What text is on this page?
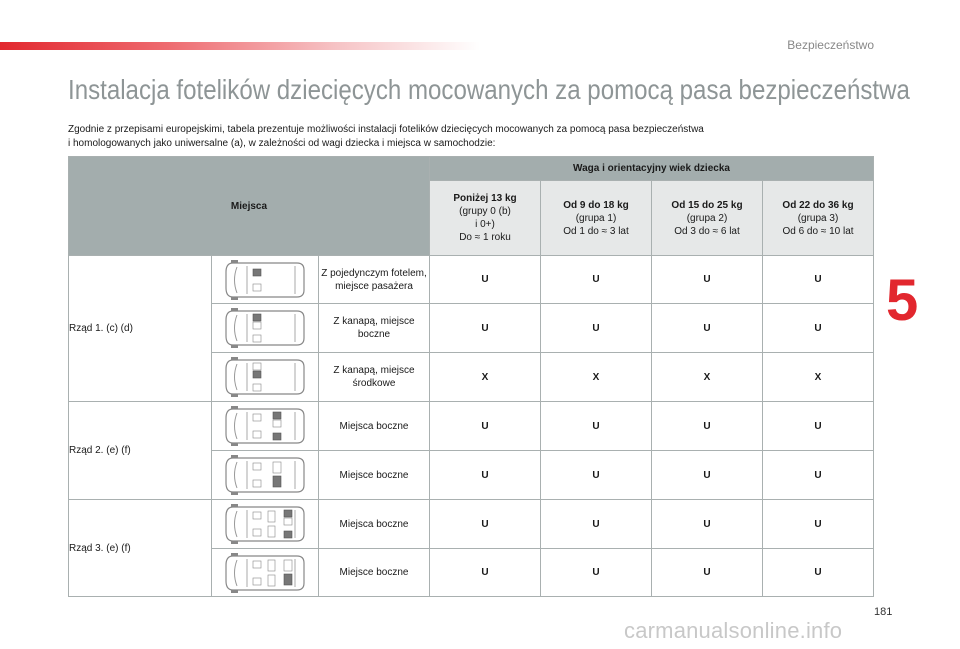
Bezpieczeństwo
5
Instalacja fotelików dziecięcych mocowanych za pomocą pasa bezpieczeństwa

Zgodnie z przepisami europejskimi, tabela prezentuje możliwości instalacji fotelików dziecięcych mocowanych za pomocą pasa bezpieczeństwa
i homologowanych jako uniwersalne (a), w zależności od wagi dziecka i miejsca w samochodzie:

Miejsca			Waga i orientacyjny wiek dziecka			
			Poniżej 13 kg
(grupy 0 (b)
i 0+)
Do ≈ 1 roku	Od 9 do 18 kg
(grupa 1)
Od 1 do ≈ 3 lat	Od 15 do 25 kg
(grupa 2)
Od 3 do ≈ 6 lat	Od 22 do 36 kg
(grupa 3)
Od 6 do ≈ 10 lat
Rząd 1. (c) (d)		Z pojedynczym fotelem, miejsce pasażera	U	U	U	U

	Z kanapą, miejsce boczne	U	U	U	U

	Z kanapą, miejsce środkowe	X	X	X	X
Rząd 2. (e) (f)		Miejsca boczne	U	U	U	U

	Miejsce boczne	U	U	U	U
Rząd 3. (e) (f)		Miejsca boczne	U	U	U	U

	Miejsce boczne	U	U	U	U
181
carmanualsonline.info
